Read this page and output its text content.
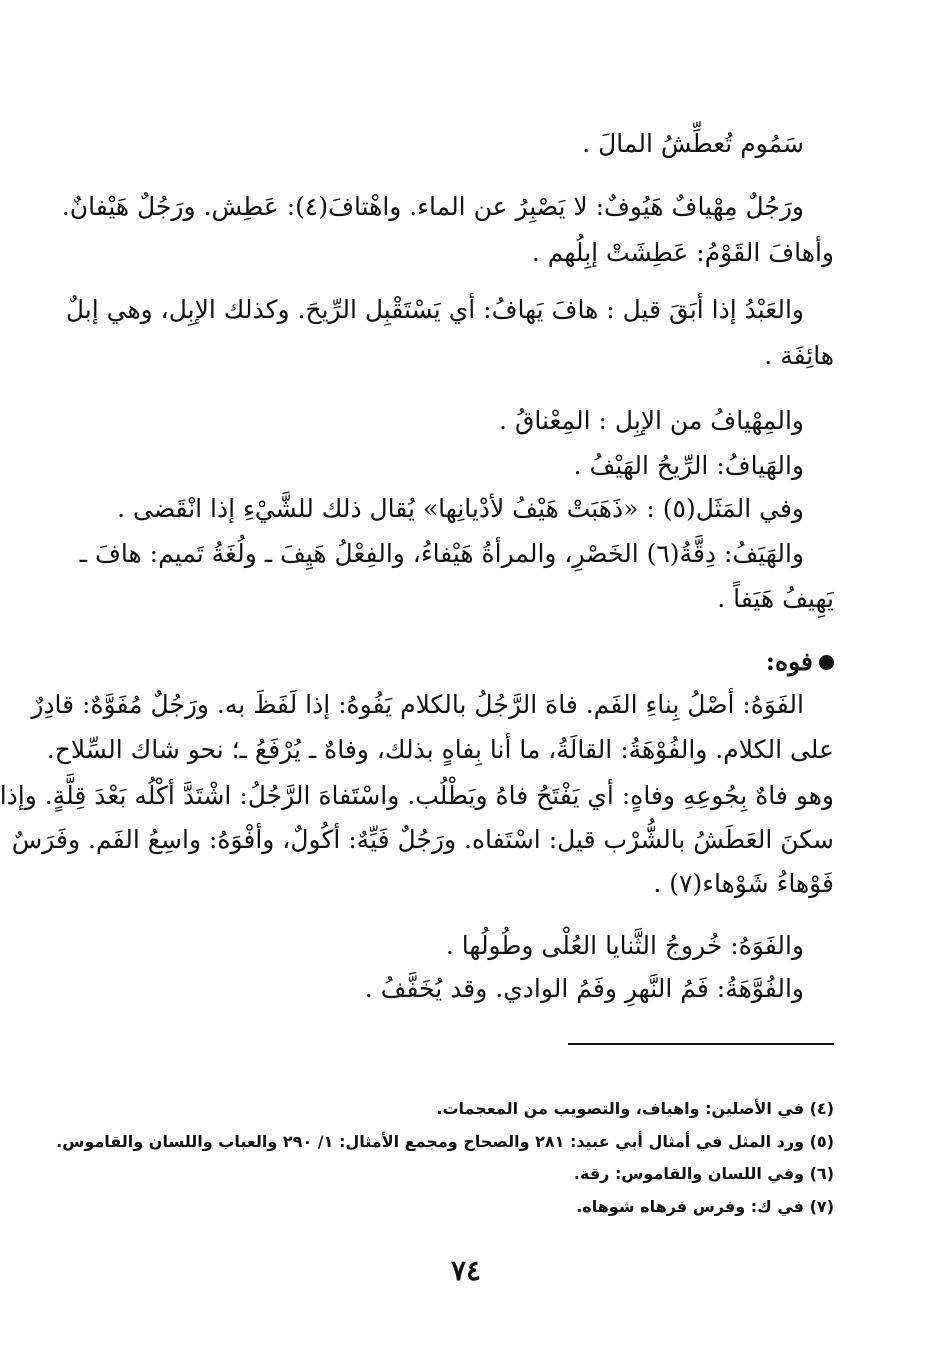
سَمُوم تُعطِّشُ المالَ .
ورَجُلٌ مِهْيافٌ هَيُوفٌ: لا يَصْبِرُ عن الماء. واهْتافَ(٤): عَطِش. ورَجُلٌ هَيْفانٌ.
وأهافَ القَوْمُ: عَطِشَتْ إبِلُهم .
والعَبْدُ إذا أبَقَ قيل : هافَ يَهافُ: أي يَسْتَقْبِل الرِّيحَ. وكذلك الإبِل، وهي إبلٌ
هائِفَة .
والمِهْيافُ من الإبِل : المِعْناقُ .
والهَيافُ: الرِّيحُ الهَيْفُ .
وفي المَثَل(٥) : «ذَهَبَتْ هَيْفُ لأدْيانِها» يُقال ذلك للشَّيْءِ إذا انْقَضى .
والهَيَفُ: دِقَّةُ(٦) الخَصْرِ، والمرأةُ هَيْفاءُ، والفِعْلُ هَيِفَ ـ ولُغَةُ تَميم: هافَ ـ
يَهِيفُ هَيَفاً .
فوه:
الفَوَهُ: أصْلُ بِناءِ الفَم. فاهَ الرَّجُلُ بالكلام يَفُوهُ: إذا لَفَظَ به. ورَجُلٌ مُفَوَّهٌ: قادِرٌ
على الكلام. والفُوْهَةُ: القالَةُ، ما أنا بِفاهٍ بذلك، وفاهٌ ـ يُرْفَعُ ـ؛ نحو شاك السِّلاح.
وهو فاهٌ بِجُوعِهِ وفاهٍ: أي يَفْتَحُ فاهُ ويَطْلُب. واسْتَفاهَ الرَّجُلُ: اشْتَدَّ أكْلُه بَعْدَ قِلَّةٍ. وإذا
سكنَ العَطَشُ بالشُّرْب قيل: اسْتَفاه. ورَجُلٌ فَيِّهٌ: أكُولٌ، وأفْوَهُ: واسِعُ الفَم. وفَرَسٌ
فَوْهاءُ شَوْهاء(٧) .
والفَوَهُ: خُروجُ الثَّنايا العُلْى وطُولُها .
والفُوَّهَةُ: فَمُ النَّهرِ وفَمُ الوادي. وقد يُخَفَّفُ .
(٤) في الأصلين: واهياف، والتصويب من المعجمات.
(٥) ورد المثل في أمثال أبي عبيد: ٢٨١ والصحاح ومجمع الأمثال: ١/ ٢٩٠ والعباب واللسان والقاموس.
(٦) وفي اللسان والقاموس: رقة.
(٧) في ك: وفرس فرهاه شوهاه.
٧٤
